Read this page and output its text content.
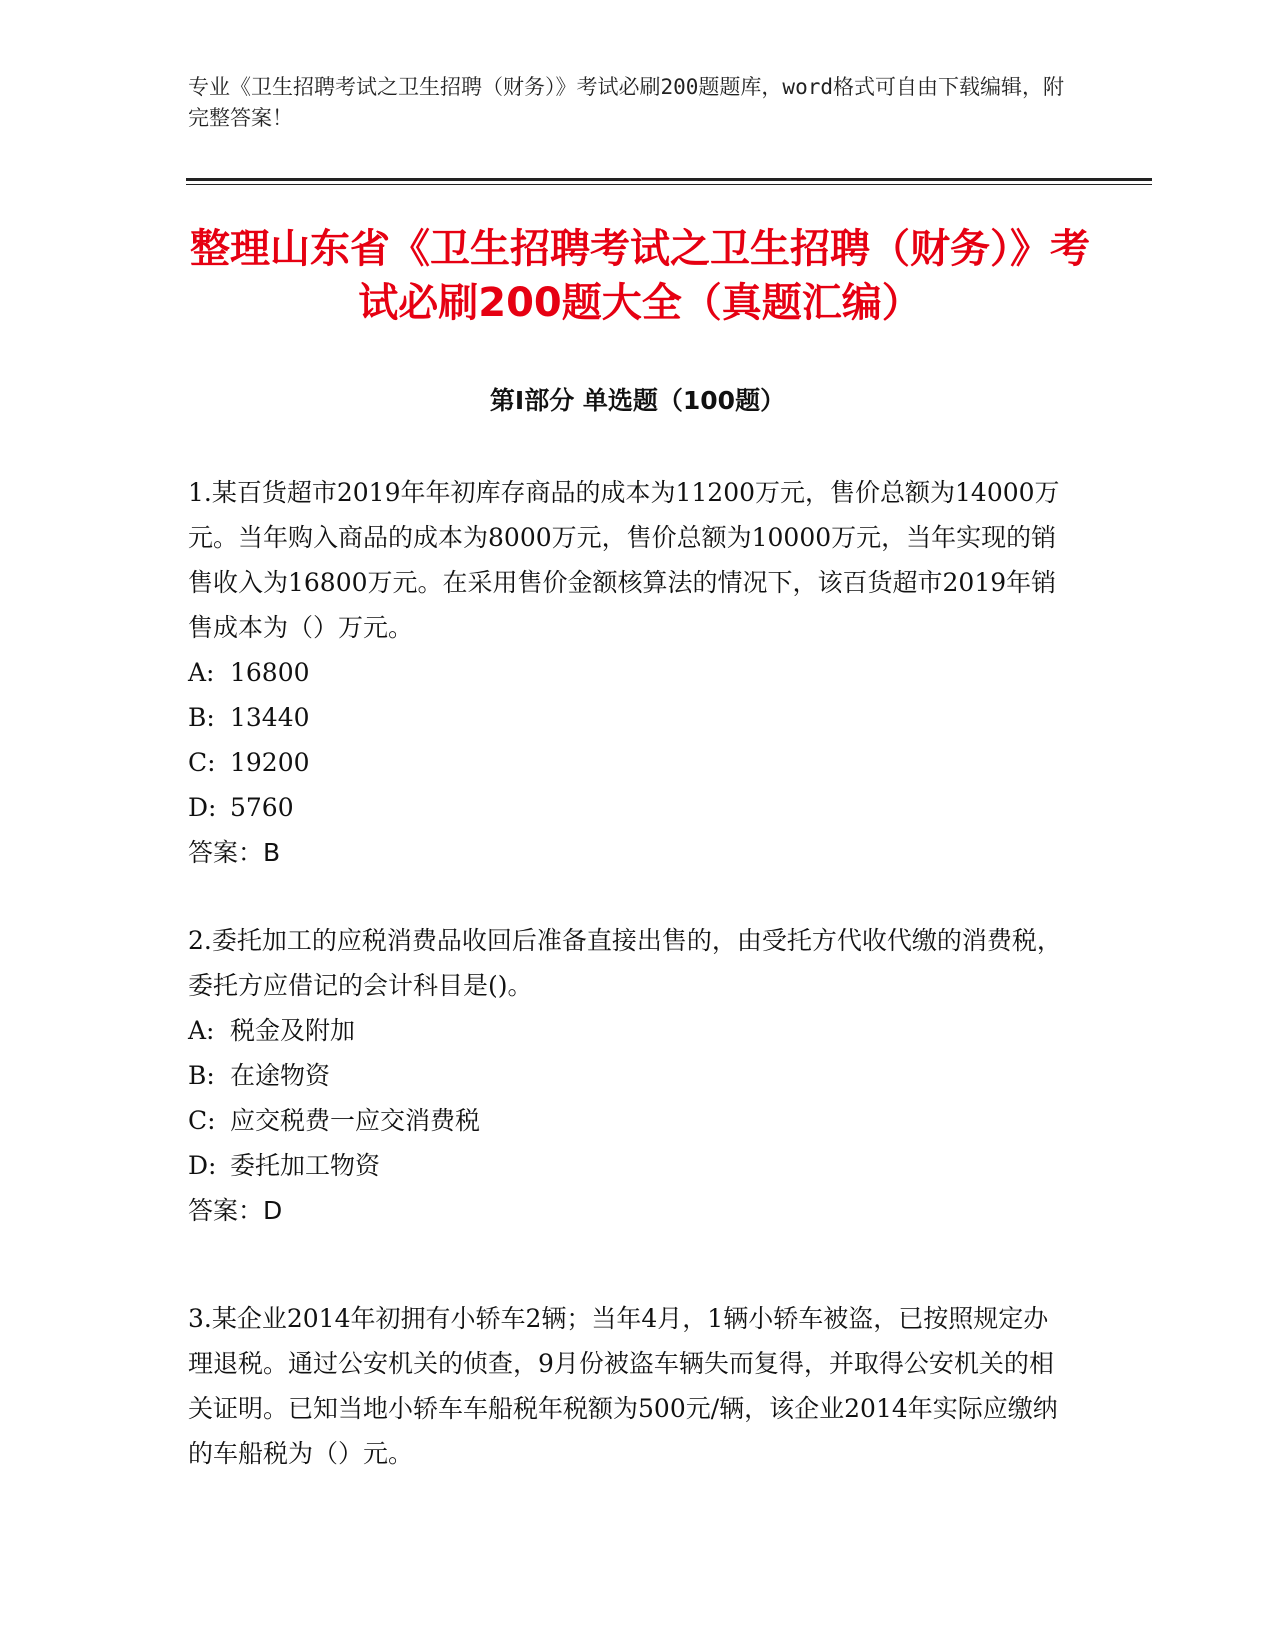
专业《卫生招聘考试之卫生招聘（财务）》考试必刷200题题库，word格式可自由下载编辑，附完整答案！
整理山东省《卫生招聘考试之卫生招聘（财务）》考试必刷200题大全（真题汇编）
第I部分 单选题（100题）

1.某百货超市2019年年初库存商品的成本为11200万元，售价总额为14000万元。当年购入商品的成本为8000万元，售价总额为10000万元，当年实现的销售收入为16800万元。在采用售价金额核算法的情况下，该百货超市2019年销售成本为（）万元。

A: 16800

B: 13440

C: 19200

D: 5760

答案：B

2.委托加工的应税消费品收回后准备直接出售的，由受托方代收代缴的消费税，委托方应借记的会计科目是()。

A: 税金及附加

B: 在途物资

C: 应交税费一应交消费税

D: 委托加工物资

答案：D

3.某企业2014年初拥有小轿车2辆；当年4月，1辆小轿车被盗，已按照规定办理退税。通过公安机关的侦查，9月份被盗车辆失而复得，并取得公安机关的相关证明。已知当地小轿车车船税年税额为500元/辆，该企业2014年实际应缴纳的车船税为（）元。
